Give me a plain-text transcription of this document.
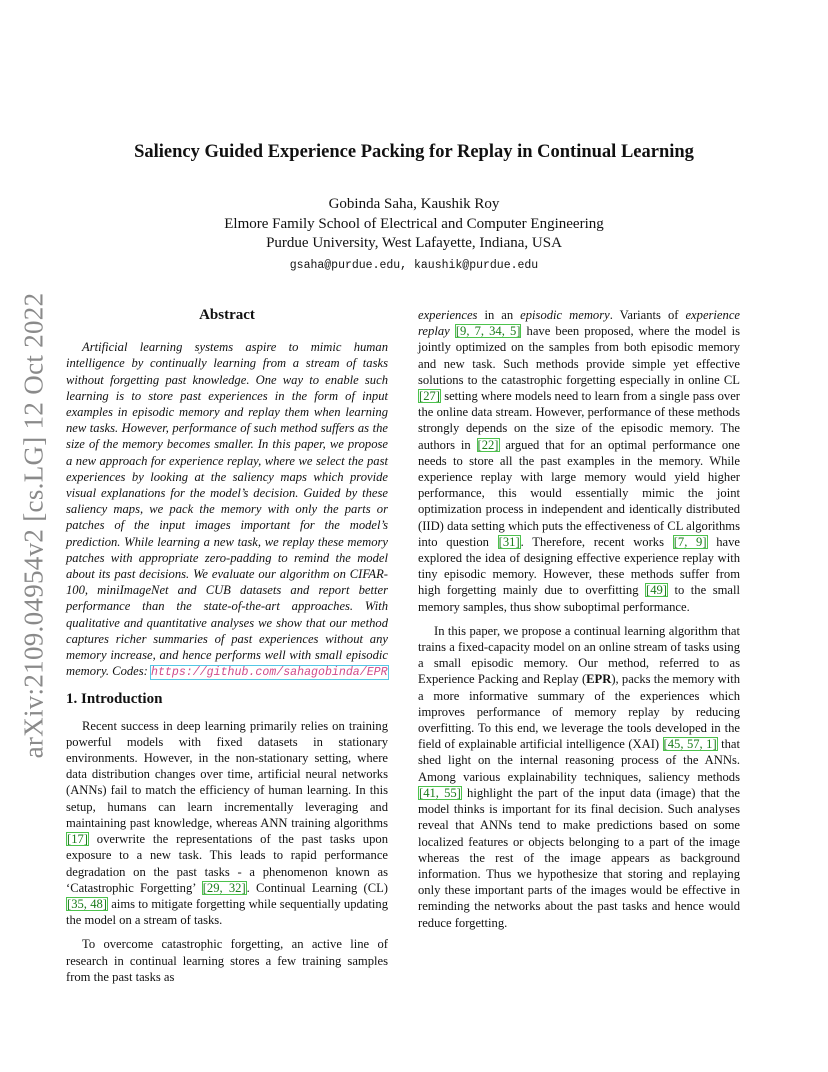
arXiv:2109.04954v2 [cs.LG] 12 Oct 2022
Saliency Guided Experience Packing for Replay in Continual Learning
Gobinda Saha, Kaushik Roy
Elmore Family School of Electrical and Computer Engineering
Purdue University, West Lafayette, Indiana, USA
gsaha@purdue.edu, kaushik@purdue.edu
Abstract

Artificial learning systems aspire to mimic human intelligence by continually learning from a stream of tasks without forgetting past knowledge. One way to enable such learning is to store past experiences in the form of input examples in episodic memory and replay them when learning new tasks. However, performance of such method suffers as the size of the memory becomes smaller. In this paper, we propose a new approach for experience replay, where we select the past experiences by looking at the saliency maps which provide visual explanations for the model’s decision. Guided by these saliency maps, we pack the memory with only the parts or patches of the input images important for the model’s prediction. While learning a new task, we replay these memory patches with appropriate zero-padding to remind the model about its past decisions. We evaluate our algorithm on CIFAR-100, miniImageNet and CUB datasets and report better performance than the state-of-the-art approaches. With qualitative and quantitative analyses we show that our method captures richer summaries of past experiences without any memory increase, and hence performs well with small episodic memory. Codes: https://github.com/sahagobinda/EPR

1. Introduction

Recent success in deep learning primarily relies on training powerful models with fixed datasets in stationary environments. However, in the non-stationary setting, where data distribution changes over time, artificial neural networks (ANNs) fail to match the efficiency of human learning. In this setup, humans can learn incrementally leveraging and maintaining past knowledge, whereas ANN training algorithms [17] overwrite the representations of the past tasks upon exposure to a new task. This leads to rapid performance degradation on the past tasks - a phenomenon known as ‘Catastrophic Forgetting’ [29, 32]. Continual Learning (CL) [35, 48] aims to mitigate forgetting while sequentially updating the model on a stream of tasks.

To overcome catastrophic forgetting, an active line of research in continual learning stores a few training samples from the past tasks as

experiences in an episodic memory. Variants of experience replay [9, 7, 34, 5] have been proposed, where the model is jointly optimized on the samples from both episodic memory and new task. Such methods provide simple yet effective solutions to the catastrophic forgetting especially in online CL [27] setting where models need to learn from a single pass over the online data stream. However, performance of these methods strongly depends on the size of the episodic memory. The authors in [22] argued that for an optimal performance one needs to store all the past examples in the memory. While experience replay with large memory would yield higher performance, this would essentially mimic the joint optimization process in independent and identically distributed (IID) data setting which puts the effectiveness of CL algorithms into question [31]. Therefore, recent works [7, 9] have explored the idea of designing effective experience replay with tiny episodic memory. However, these methods suffer from high forgetting mainly due to overfitting [49] to the small memory samples, thus show suboptimal performance.

In this paper, we propose a continual learning algorithm that trains a fixed-capacity model on an online stream of tasks using a small episodic memory. Our method, referred to as Experience Packing and Replay (EPR), packs the memory with a more informative summary of the experiences which improves performance of memory replay by reducing overfitting. To this end, we leverage the tools developed in the field of explainable artificial intelligence (XAI) [45, 57, 1] that shed light on the internal reasoning process of the ANNs. Among various explainability techniques, saliency methods [41, 55] highlight the part of the input data (image) that the model thinks is important for its final decision. Such analyses reveal that ANNs tend to make predictions based on some localized features or objects belonging to a part of the image whereas the rest of the image appears as background information. Thus we hypothesize that storing and replaying only these important parts of the images would be effective in reminding the networks about the past tasks and hence would reduce forgetting.
